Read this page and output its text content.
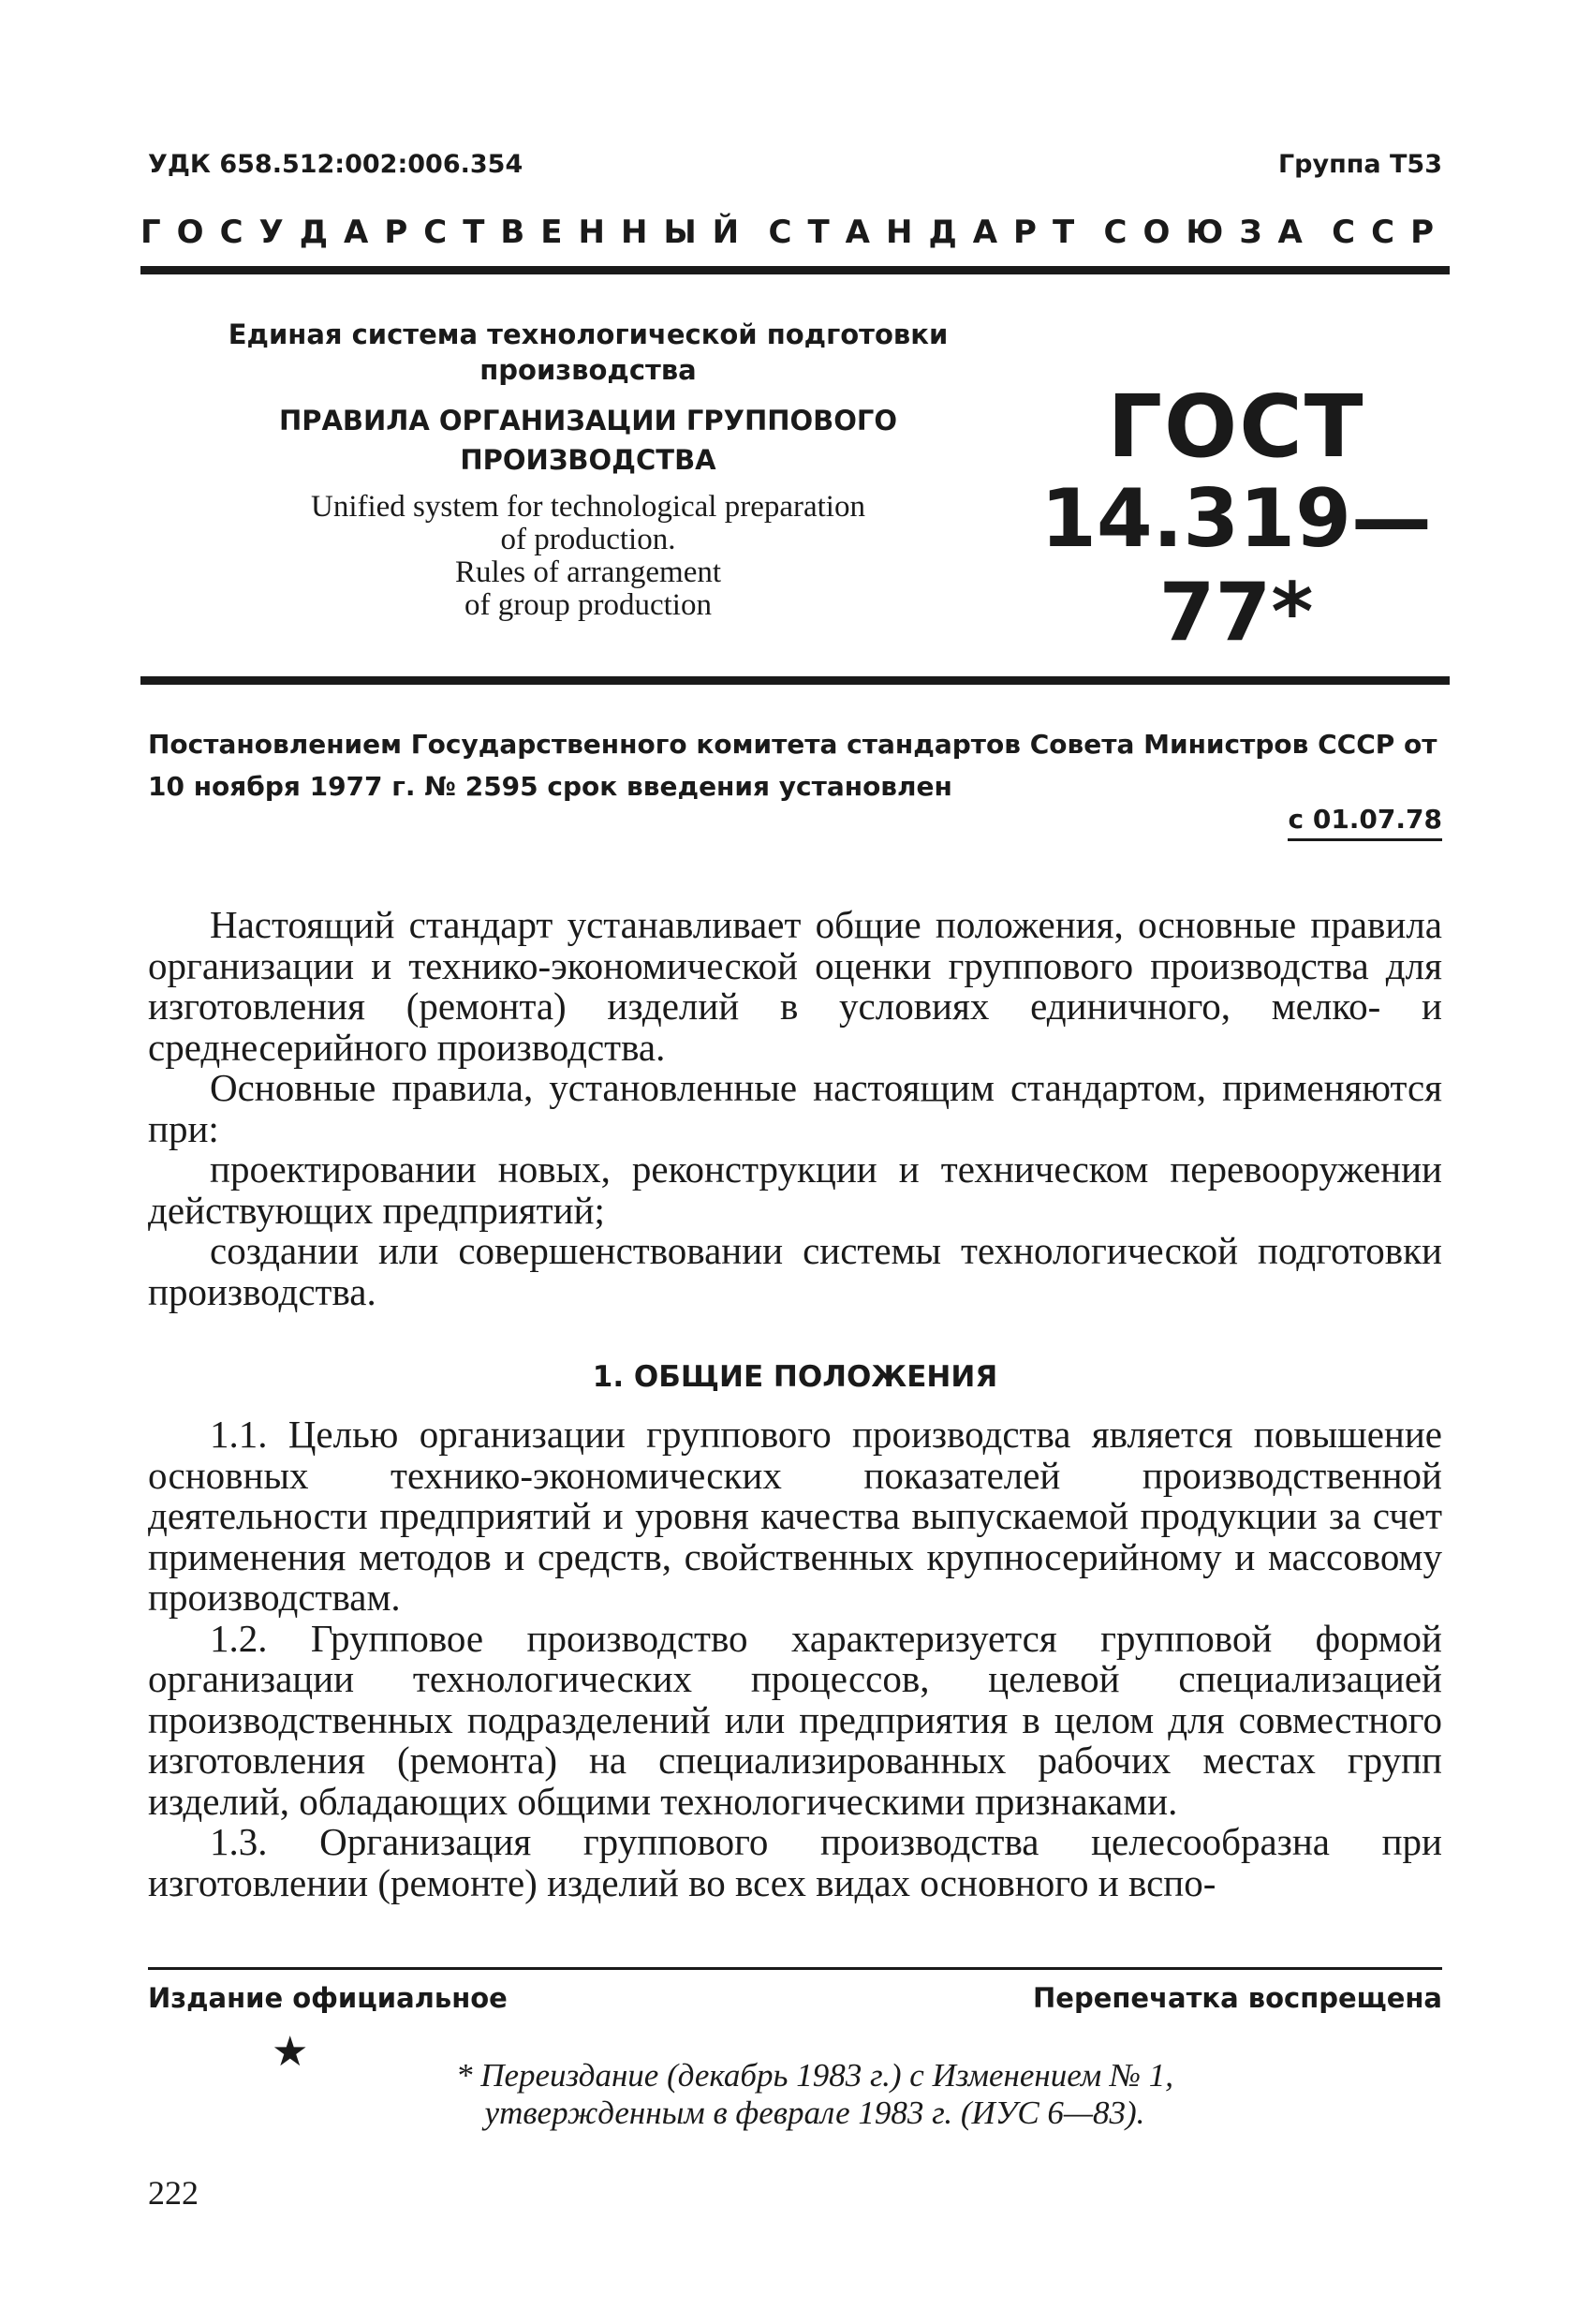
УДК 658.512:002:006.354	Группа Т53
ГОСУДАРСТВЕННЫЙ СТАНДАРТ СОЮЗА ССР
Единая система технологической подготовки производства
ПРАВИЛА ОРГАНИЗАЦИИ ГРУППОВОГО ПРОИЗВОДСТВА
Unified system for technological preparation
of production.
Rules of arrangement
of group production
ГОСТ
14.319—77*
Постановлением Государственного комитета стандартов Совета Министров СССР от 10 ноября 1977 г. № 2595 срок введения установлен
с 01.07.78

Настоящий стандарт устанавливает общие положения, основные правила организации и технико-экономической оценки группового производства для изготовления (ремонта) изделий в условиях единичного, мелко- и среднесерийного производства.

Основные правила, установленные настоящим стандартом, применяются при:

проектировании новых, реконструкции и техническом перевооружении действующих предприятий;

создании или совершенствовании системы технологической подготовки производства.

1. ОБЩИЕ ПОЛОЖЕНИЯ

1.1. Целью организации группового производства является повышение основных технико-экономических показателей производственной деятельности предприятий и уровня качества выпускаемой продукции за счет применения методов и средств, свойственных крупносерийному и массовому производствам.

1.2. Групповое производство характеризуется групповой формой организации технологических процессов, целевой специализацией производственных подразделений или предприятия в целом для совместного изготовления (ремонта) на специализированных рабочих местах групп изделий, обладающих общими технологическими признаками.

1.3. Организация группового производства целесообразна при изготовлении (ремонте) изделий во всех видах основного и вспо-

Издание официальное	Перепечатка воспрещена
★
* Переиздание (декабрь 1983 г.) с Изменением № 1,
утвержденным в феврале 1983 г. (ИУС 6—83).
222
